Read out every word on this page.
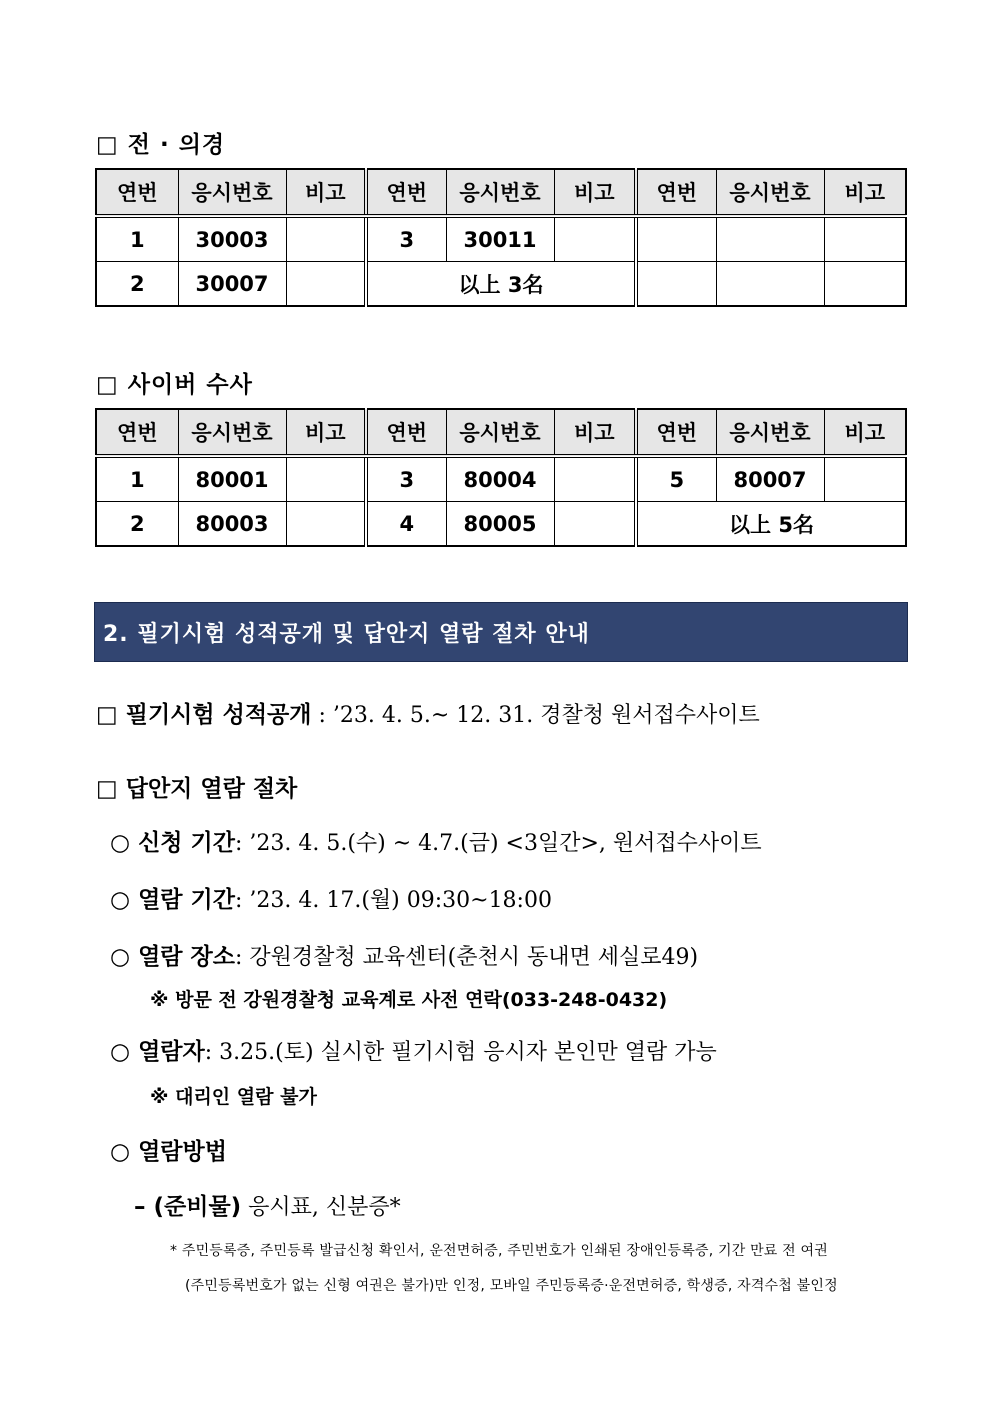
□ 전 · 의경
연번	응시번호	비고	연번	응시번호	비고	연번	응시번호	비고
1	30003		3	30011				
2	30007		以上 3名					
□ 사이버 수사
연번	응시번호	비고	연번	응시번호	비고	연번	응시번호	비고
1	80001		3	80004		5	80007	
2	80003		4	80005		以上 5名		
2. 필기시험 성적공개 및 답안지 열람 절차 안내
□ 필기시험 성적공개 : ’23. 4. 5.~ 12. 31. 경찰청 원서접수사이트
□ 답안지 열람 절차
○ 신청 기간: ’23. 4. 5.(수) ~ 4.7.(금) <3일간>, 원서접수사이트
○ 열람 기간: ’23. 4. 17.(월) 09:30~18:00
○ 열람 장소: 강원경찰청 교육센터(춘천시 동내면 세실로49)
※ 방문 전 강원경찰청 교육계로 사전 연락(033-248-0432)
○ 열람자: 3.25.(토) 실시한 필기시험 응시자 본인만 열람 가능
※ 대리인 열람 불가
○ 열람방법
– (준비물) 응시표, 신분증*
* 주민등록증, 주민등록 발급신청 확인서, 운전면허증, 주민번호가 인쇄된 장애인등록증, 기간 만료 전 여권
(주민등록번호가 없는 신형 여권은 불가)만 인정, 모바일 주민등록증·운전면허증, 학생증, 자격수첩 불인정
